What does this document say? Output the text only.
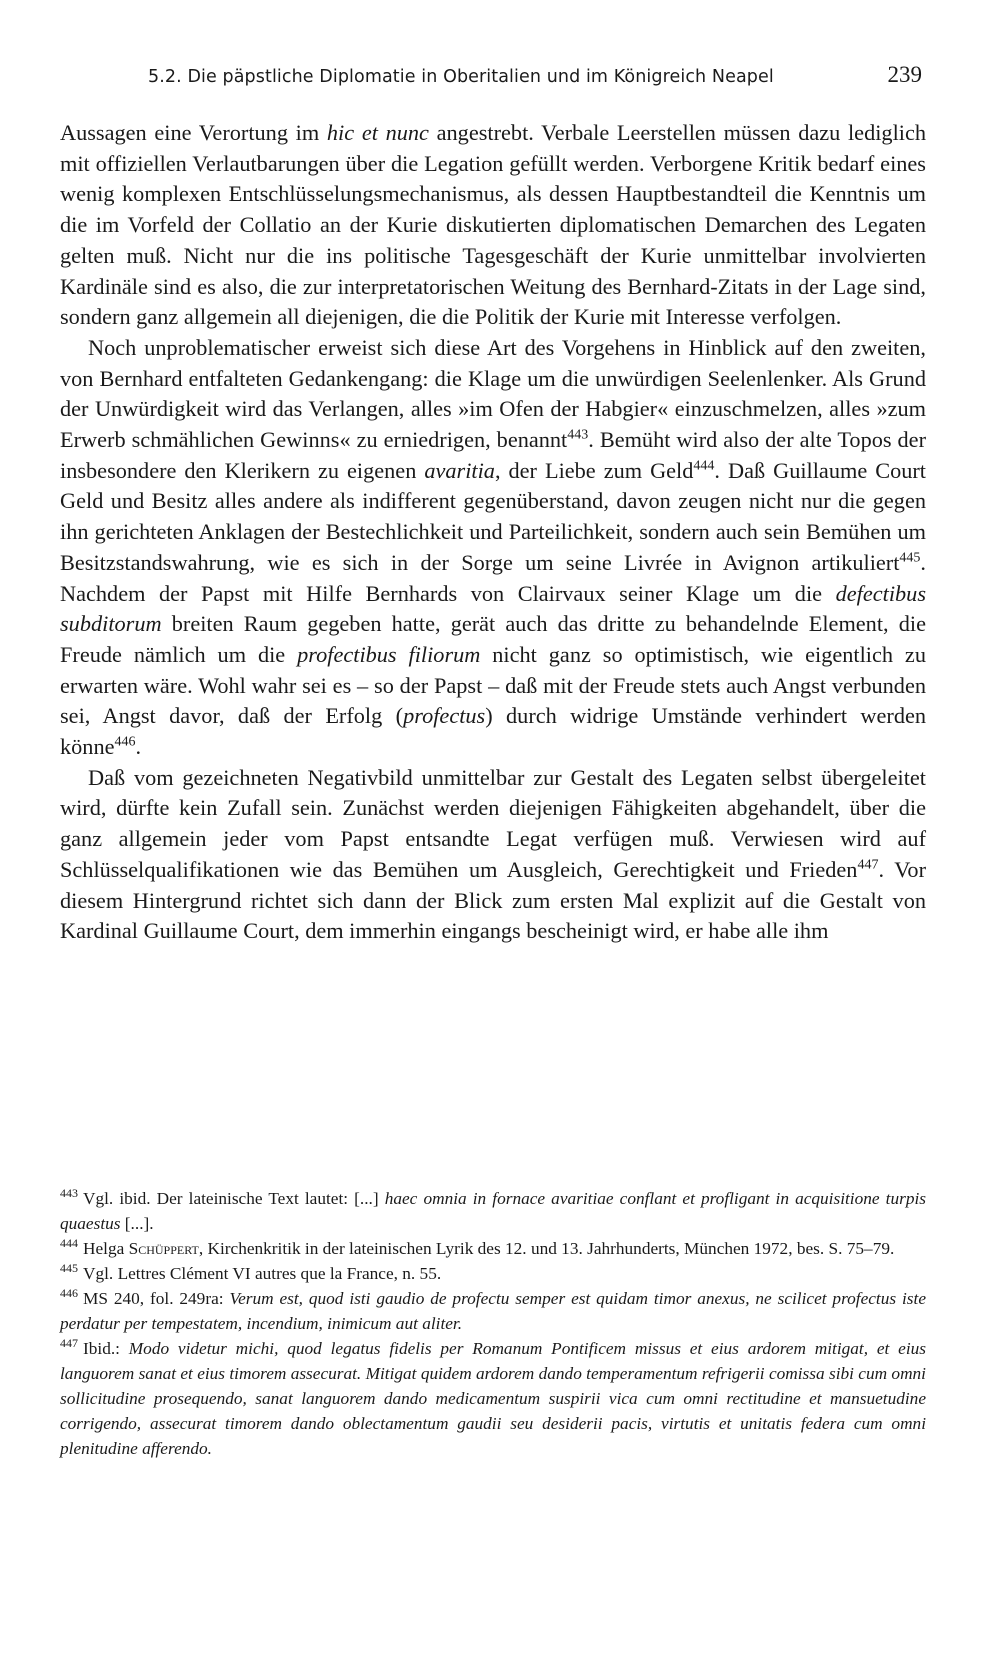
5.2. Die päpstliche Diplomatie in Oberitalien und im Königreich Neapel	239

Aussagen eine Verortung im hic et nunc angestrebt. Verbale Leerstellen müssen dazu lediglich mit offiziellen Verlautbarungen über die Legation gefüllt werden. Verborgene Kritik bedarf eines wenig komplexen Entschlüsselungsmechanismus, als dessen Hauptbestandteil die Kenntnis um die im Vorfeld der Collatio an der Kurie diskutierten diplomatischen Demarchen des Legaten gelten muß. Nicht nur die ins politische Tagesgeschäft der Kurie unmittelbar involvierten Kardinäle sind es also, die zur interpretatorischen Weitung des Bernhard-Zitats in der Lage sind, sondern ganz allgemein all diejenigen, die die Politik der Kurie mit Interesse verfolgen.

Noch unproblematischer erweist sich diese Art des Vorgehens in Hinblick auf den zweiten, von Bernhard entfalteten Gedankengang: die Klage um die unwürdigen Seelenlenker. Als Grund der Unwürdigkeit wird das Verlangen, alles »im Ofen der Habgier« einzuschmelzen, alles »zum Erwerb schmählichen Gewinns« zu erniedrigen, benannt$^{443}$. Bemüht wird also der alte Topos der insbesondere den Klerikern zu eigenen avaritia, der Liebe zum Geld$^{444}$. Daß Guillaume Court Geld und Besitz alles andere als indifferent gegenüberstand, davon zeugen nicht nur die gegen ihn gerichteten Anklagen der Bestechlichkeit und Parteilichkeit, sondern auch sein Bemühen um Besitzstandswahrung, wie es sich in der Sorge um seine Livrée in Avignon artikuliert$^{445}$. Nachdem der Papst mit Hilfe Bernhards von Clairvaux seiner Klage um die defectibus subditorum breiten Raum gegeben hatte, gerät auch das dritte zu behandelnde Element, die Freude nämlich um die profectibus filiorum nicht ganz so optimistisch, wie eigentlich zu erwarten wäre. Wohl wahr sei es – so der Papst – daß mit der Freude stets auch Angst verbunden sei, Angst davor, daß der Erfolg (profectus) durch widrige Umstände verhindert werden könne$^{446}$.

Daß vom gezeichneten Negativbild unmittelbar zur Gestalt des Legaten selbst übergeleitet wird, dürfte kein Zufall sein. Zunächst werden diejenigen Fähigkeiten abgehandelt, über die ganz allgemein jeder vom Papst entsandte Legat verfügen muß. Verwiesen wird auf Schlüsselqualifikationen wie das Bemühen um Ausgleich, Gerechtigkeit und Frieden$^{447}$. Vor diesem Hintergrund richtet sich dann der Blick zum ersten Mal explizit auf die Gestalt von Kardinal Guillaume Court, dem immerhin eingangs bescheinigt wird, er habe alle ihm

$^{443}$ Vgl. ibid. Der lateinische Text lautet: [...] haec omnia in fornace avaritiae conflant et profligant in acquisitione turpis quaestus [...].

$^{444}$ Helga Schüppert, Kirchenkritik in der lateinischen Lyrik des 12. und 13. Jahrhunderts, München 1972, bes. S. 75–79.

$^{445}$ Vgl. Lettres Clément VI autres que la France, n. 55.

$^{446}$ MS 240, fol. 249ra: Verum est, quod isti gaudio de profectu semper est quidam timor anexus, ne scilicet profectus iste perdatur per tempestatem, incendium, inimicum aut aliter.

$^{447}$ Ibid.: Modo videtur michi, quod legatus fidelis per Romanum Pontificem missus et eius ardorem mitigat, et eius languorem sanat et eius timorem assecurat. Mitigat quidem ardorem dando temperamentum refrigerii comissa sibi cum omni sollicitudine prosequendo, sanat languorem dando medicamentum suspirii vica cum omni rectitudine et mansuetudine corrigendo, assecurat timorem dando oblectamentum gaudii seu desiderii pacis, virtutis et unitatis federa cum omni plenitudine afferendo.
